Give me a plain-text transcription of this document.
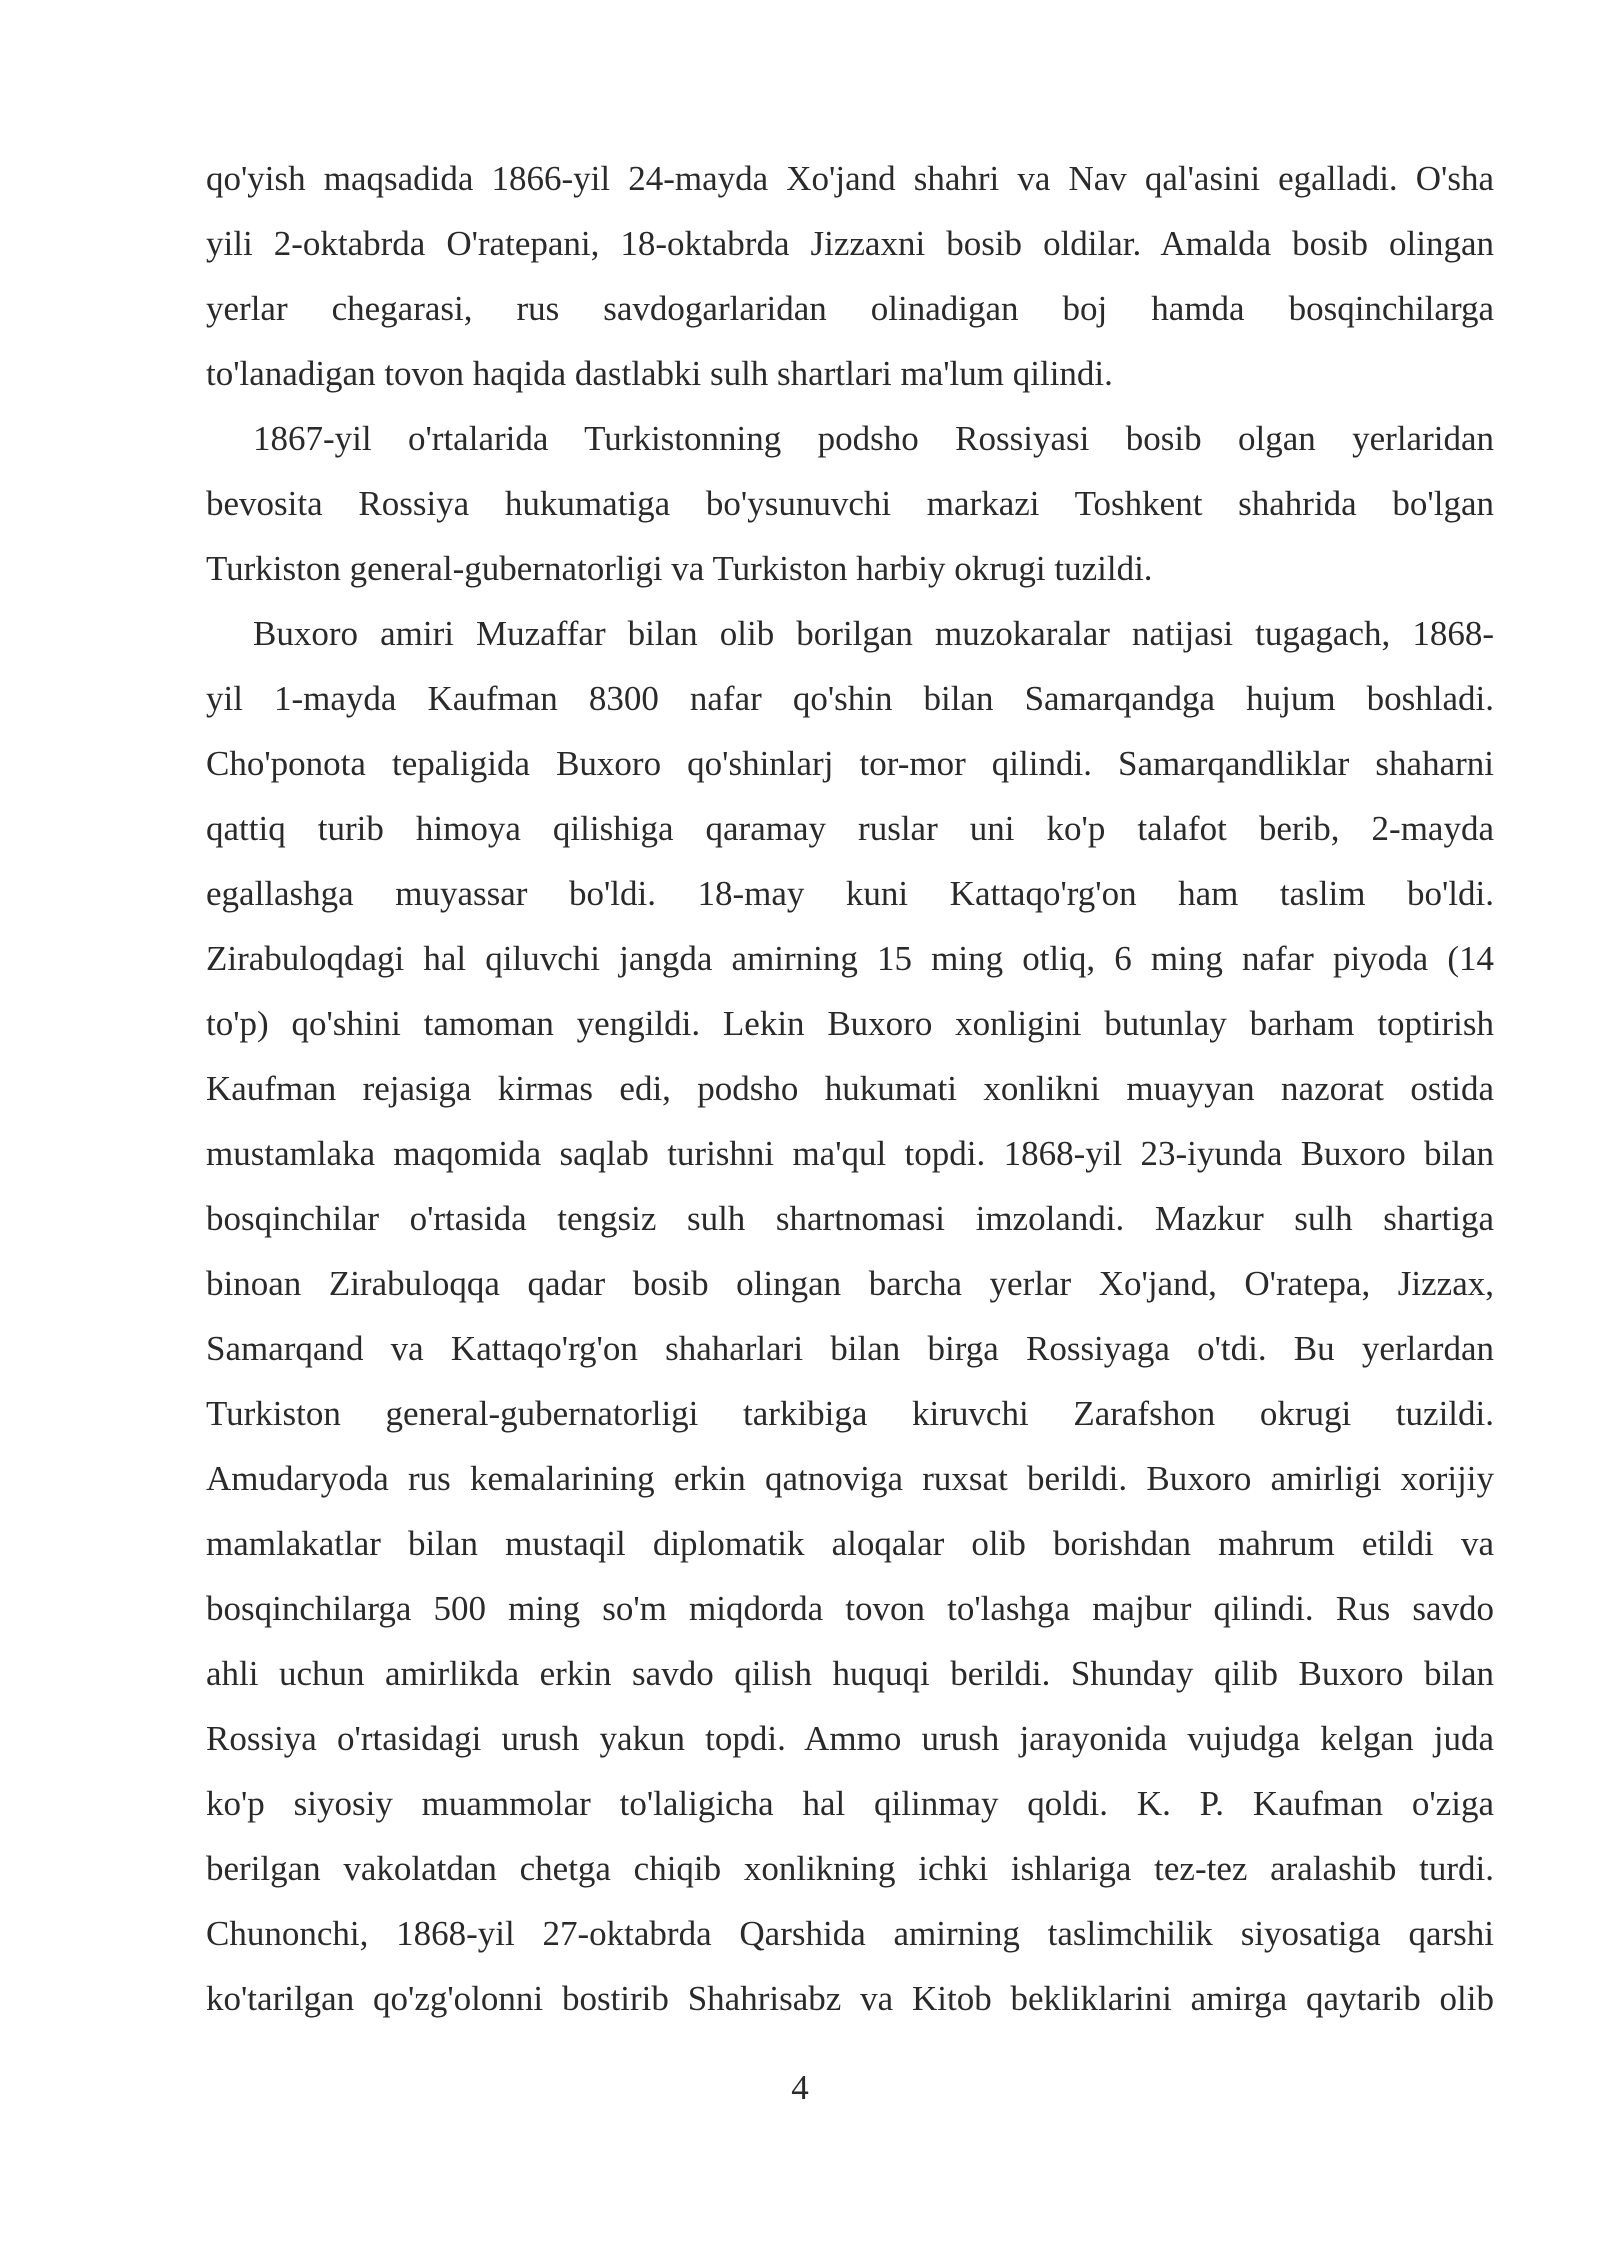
qo'yish maqsadida 1866-yil 24-mayda Xo'jand shahri va Nav qal'asini egalladi. O'sha
yili 2-oktabrda O'ratepani, 18-oktabrda Jizzaxni bosib oldilar. Amalda bosib olingan
yerlar chegarasi, rus savdogarlaridan olinadigan boj hamda bosqinchilarga
to'lanadigan tovon haqida dastlabki sulh shartlari ma'lum qilindi.
1867-yil o'rtalarida Turkistonning podsho Rossiyasi bosib olgan yerlaridan
bevosita Rossiya hukumatiga bo'ysunuvchi markazi Toshkent shahrida bo'lgan
Turkiston general-gubernatorligi va Turkiston harbiy okrugi tuzildi.
Buxoro amiri Muzaffar bilan olib borilgan muzokaralar natijasi tugagach, 1868-
yil 1-mayda Kaufman 8300 nafar qo'shin bilan Samarqandga hujum boshladi.
Cho'ponota tepaligida Buxoro qo'shinlarj tor-mor qilindi. Samarqandliklar shaharni
qattiq turib himoya qilishiga qaramay ruslar uni ko'p talafot berib, 2-mayda
egallashga muyassar bo'ldi. 18-may kuni Kattaqo'rg'on ham taslim bo'ldi.
Zirabuloqdagi hal qiluvchi jangda amirning 15 ming otliq, 6 ming nafar piyoda (14
to'p) qo'shini tamoman yengildi. Lekin Buxoro xonligini butunlay barham toptirish
Kaufman rejasiga kirmas edi, podsho hukumati xonlikni muayyan nazorat ostida
mustamlaka maqomida saqlab turishni ma'qul topdi. 1868-yil 23-iyunda Buxoro bilan
bosqinchilar o'rtasida tengsiz sulh shartnomasi imzolandi. Mazkur sulh shartiga
binoan Zirabuloqqa qadar bosib olingan barcha yerlar Xo'jand, O'ratepa, Jizzax,
Samarqand va Kattaqo'rg'on shaharlari bilan birga Rossiyaga o'tdi. Bu yerlardan
Turkiston general-gubernatorligi tarkibiga kiruvchi Zarafshon okrugi tuzildi.
Amudaryoda rus kemalarining erkin qatnoviga ruxsat berildi. Buxoro amirligi xorijiy
mamlakatlar bilan mustaqil diplomatik aloqalar olib borishdan mahrum etildi va
bosqinchilarga 500 ming so'm miqdorda tovon to'lashga majbur qilindi. Rus savdo
ahli uchun amirlikda erkin savdo qilish huquqi berildi. Shunday qilib Buxoro bilan
Rossiya o'rtasidagi urush yakun topdi. Ammo urush jarayonida vujudga kelgan juda
ko'p siyosiy muammolar to'laligicha hal qilinmay qoldi. K. P. Kaufman o'ziga
berilgan vakolatdan chetga chiqib xonlikning ichki ishlariga tez-tez aralashib turdi.
Chunonchi, 1868-yil 27-oktabrda Qarshida amirning taslimchilik siyosatiga qarshi
ko'tarilgan qo'zg'olonni bostirib Shahrisabz va Kitob bekliklarini amirga qaytarib olib
4
